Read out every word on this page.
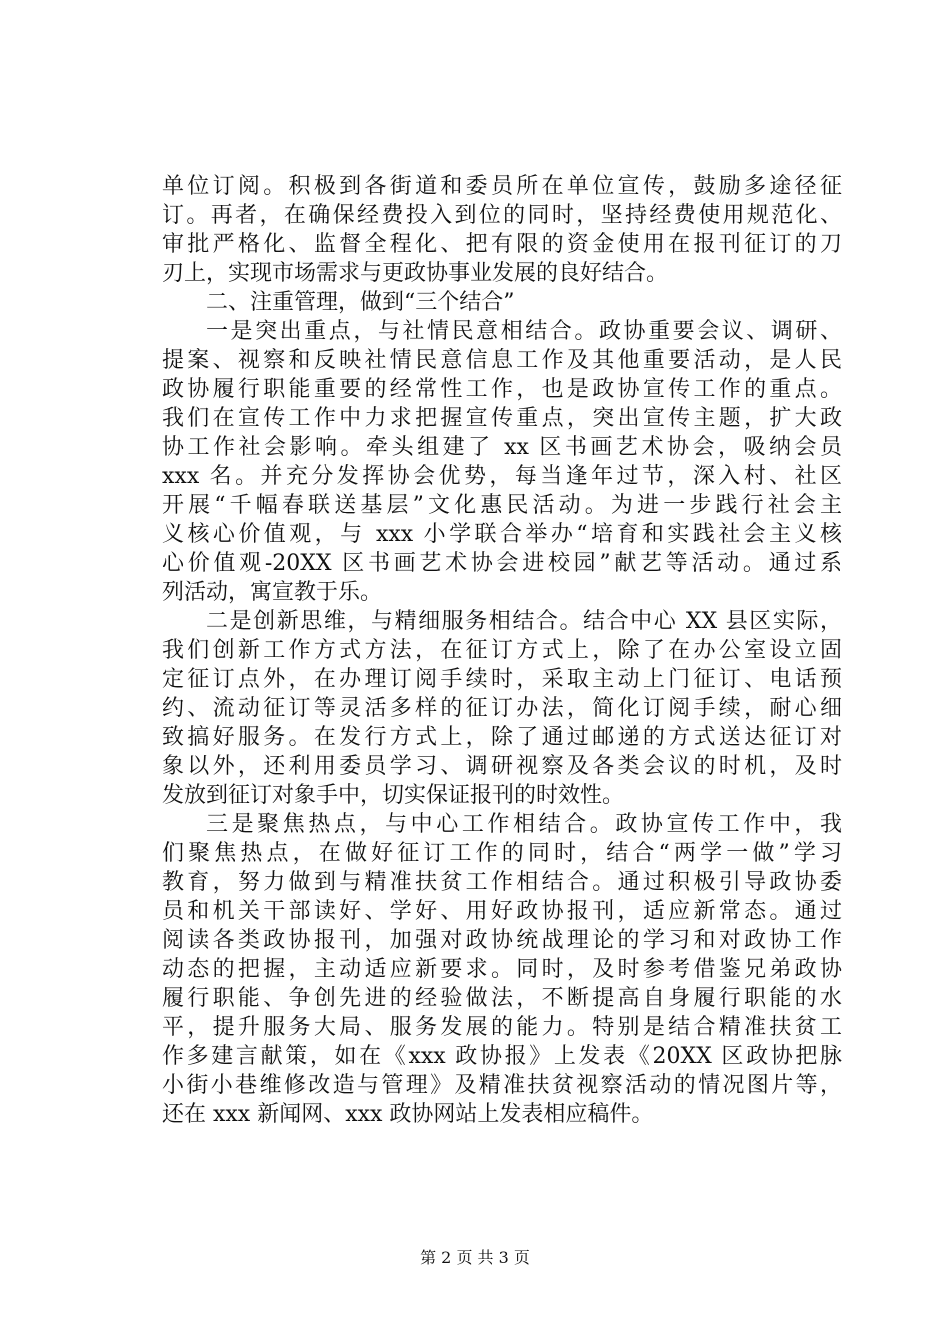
单位订阅。积极到各街道和委员所在单位宣传，鼓励多途径征
订。再者，在确保经费投入到位的同时，坚持经费使用规范化、
审批严格化、监督全程化、把有限的资金使用在报刊征订的刀
刃上，实现市场需求与更政协事业发展的良好结合。
二、注重管理，做到“三个结合”
一是突出重点，与社情民意相结合。政协重要会议、调研、
提案、视察和反映社情民意信息工作及其他重要活动，是人民
政协履行职能重要的经常性工作，也是政协宣传工作的重点。
我们在宣传工作中力求把握宣传重点，突出宣传主题，扩大政
协工作社会影响。牵头组建了 xx 区书画艺术协会，吸纳会员
xxx 名。并充分发挥协会优势，每当逢年过节，深入村、社区
开展“千幅春联送基层”文化惠民活动。为进一步践行社会主
义核心价值观，与 xxx 小学联合举办“培育和实践社会主义核
心价值观-20XX 区书画艺术协会进校园”献艺等活动。通过系
列活动，寓宣教于乐。
二是创新思维，与精细服务相结合。结合中心 XX 县区实际，
我们创新工作方式方法，在征订方式上，除了在办公室设立固
定征订点外，在办理订阅手续时，采取主动上门征订、电话预
约、流动征订等灵活多样的征订办法，简化订阅手续，耐心细
致搞好服务。在发行方式上，除了通过邮递的方式送达征订对
象以外，还利用委员学习、调研视察及各类会议的时机，及时
发放到征订对象手中，切实保证报刊的时效性。
三是聚焦热点，与中心工作相结合。政协宣传工作中，我
们聚焦热点，在做好征订工作的同时，结合“两学一做”学习
教育，努力做到与精准扶贫工作相结合。通过积极引导政协委
员和机关干部读好、学好、用好政协报刊，适应新常态。通过
阅读各类政协报刊，加强对政协统战理论的学习和对政协工作
动态的把握，主动适应新要求。同时，及时参考借鉴兄弟政协
履行职能、争创先进的经验做法，不断提高自身履行职能的水
平，提升服务大局、服务发展的能力。特别是结合精准扶贫工
作多建言献策，如在《xxx 政协报》上发表《20XX 区政协把脉
小街小巷维修改造与管理》及精准扶贫视察活动的情况图片等，
还在 xxx 新闻网、xxx 政协网站上发表相应稿件。
第 2 页 共 3 页
